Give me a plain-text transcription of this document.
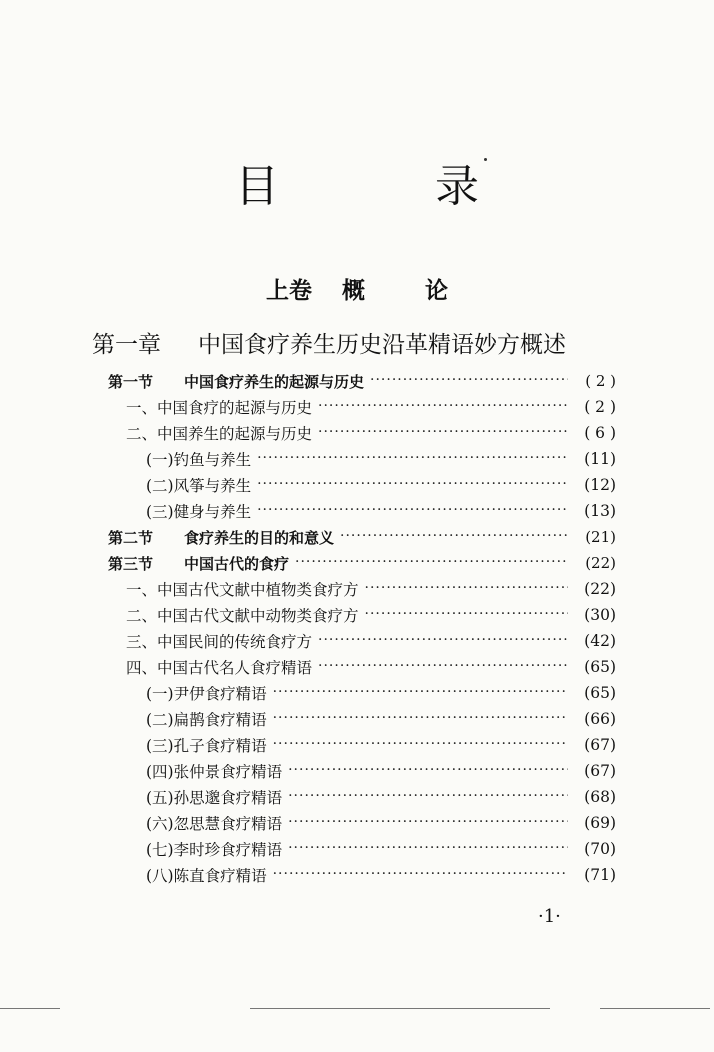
目　录
上卷 概	论
第一章 中国食疗养生历史沿革精语妙方概述
第一节	中国食疗养生的起源与历史 ·····	( 2 )
一、中国食疗的起源与历史 ·····	( 2 )
二、中国养生的起源与历史 ·····	( 6 )
(一)钓鱼与养生 ·····	(11)
(二)风筝与养生 ·····	(12)
(三)健身与养生 ·····	(13)
第二节	食疗养生的目的和意义 ·····	(21)
第三节	中国古代的食疗 ·····	(22)
一、中国古代文献中植物类食疗方 ·····	(22)
二、中国古代文献中动物类食疗方 ·····	(30)
三、中国民间的传统食疗方 ·····	(42)
四、中国古代名人食疗精语 ·····	(65)
(一)尹伊食疗精语 ·····	(65)
(二)扁鹊食疗精语 ·····	(66)
(三)孔子食疗精语 ·····	(67)
(四)张仲景食疗精语 ·····	(67)
(五)孙思邈食疗精语 ·····	(68)
(六)忽思慧食疗精语 ·····	(69)
(七)李时珍食疗精语 ·····	(70)
(八)陈直食疗精语 ·····	(71)
·1·
